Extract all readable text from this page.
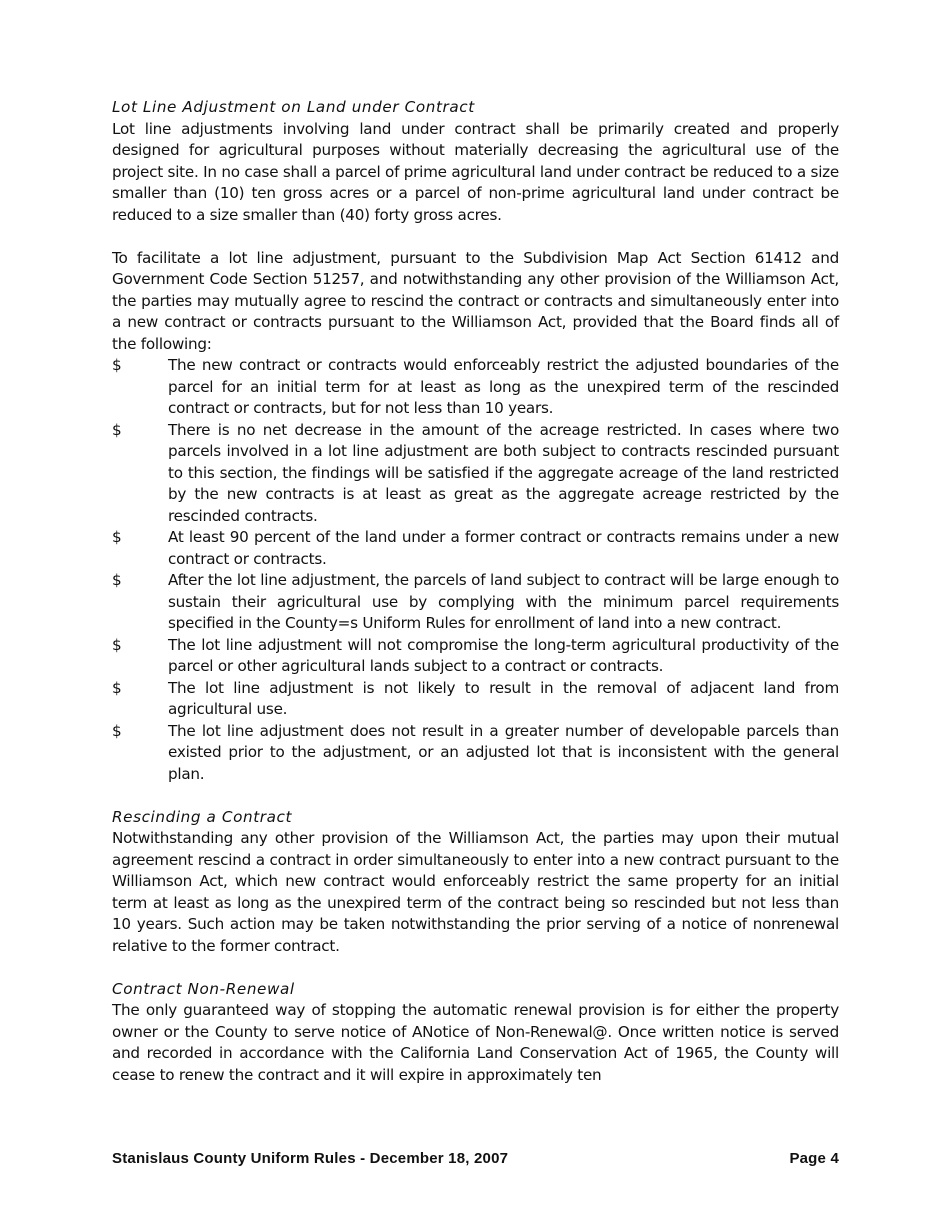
Lot Line Adjustment on Land under Contract

Lot line adjustments involving land under contract shall be primarily created and properly designed for agricultural purposes without materially decreasing the agricultural use of the project site. In no case shall a parcel of prime agricultural land under contract be reduced to a size smaller than (10) ten gross acres or a parcel of non-prime agricultural land under contract be reduced to a size smaller than (40) forty gross acres.

To facilitate a lot line adjustment, pursuant to the Subdivision Map Act Section 61412 and Government Code Section 51257, and notwithstanding any other provision of the Williamson Act, the parties may mutually agree to rescind the contract or contracts and simultaneously enter into a new contract or contracts pursuant to the Williamson Act, provided that the Board finds all of the following:

$	The new contract or contracts would enforceably restrict the adjusted boundaries of the parcel for an initial term for at least as long as the unexpired term of the rescinded contract or contracts, but for not less than 10 years.
$	There is no net decrease in the amount of the acreage restricted. In cases where two parcels involved in a lot line adjustment are both subject to contracts rescinded pursuant to this section, the findings will be satisfied if the aggregate acreage of the land restricted by the new contracts is at least as great as the aggregate acreage restricted by the rescinded contracts.
$	At least 90 percent of the land under a former contract or contracts remains under a new contract or contracts.
$	After the lot line adjustment, the parcels of land subject to contract will be large enough to sustain their agricultural use by complying with the minimum parcel requirements specified in the County=s Uniform Rules for enrollment of land into a new contract.
$	The lot line adjustment will not compromise the long-term agricultural productivity of the parcel or other agricultural lands subject to a contract or contracts.
$	The lot line adjustment is not likely to result in the removal of adjacent land from agricultural use.
$	The lot line adjustment does not result in a greater number of developable parcels than existed prior to the adjustment, or an adjusted lot that is inconsistent with the general plan.
Rescinding a Contract

Notwithstanding any other provision of the Williamson Act, the parties may upon their mutual agreement rescind a contract in order simultaneously to enter into a new contract pursuant to the Williamson Act, which new contract would enforceably restrict the same property for an initial term at least as long as the unexpired term of the contract being so rescinded but not less than 10 years. Such action may be taken notwithstanding the prior serving of a notice of nonrenewal relative to the former contract.

Contract Non-Renewal

The only guaranteed way of stopping the automatic renewal provision is for either the property owner or the County to serve notice of ANotice of Non-Renewal@. Once written notice is served and recorded in accordance with the California Land Conservation Act of 1965, the County will cease to renew the contract and it will expire in approximately ten

Stanislaus County Uniform Rules - December 18, 2007	Page 4
